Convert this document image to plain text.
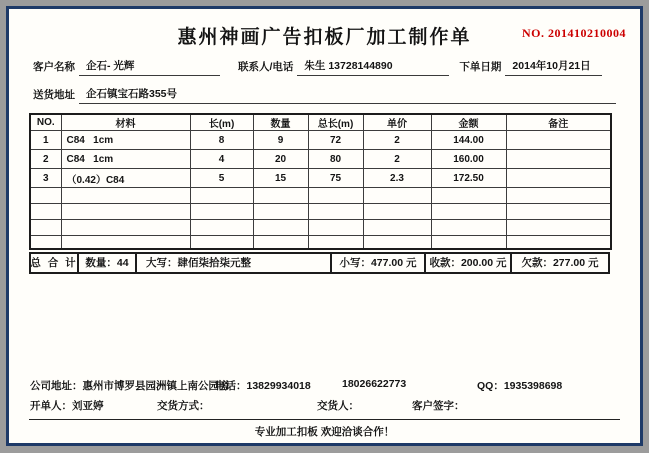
惠州神画广告扣板厂加工制作单	NO. 201410210004
客户名称	企石- 光辉	联系人/电话	朱生 13728144890	下单日期	2014年10月21日
送货地址	企石镇宝石路355号
NO.	材料	长(m)	数量	总长(m)	单价	金额	备注
1	C84   1cm	8	9	72	2	144.00	
2	C84   1cm	4	20	80	2	160.00	
3	（0.42）C84	5	15	75	2.3	172.50	

总 合 计 数量：44	大写：肆佰柒拾柒元整	小写：477.00 元	收款：200.00 元	欠款：277.00 元
公司地址：惠州市博罗县园洲镇上南公园旁
电话：13829934018	18026622773	QQ：1935398698
开单人：刘亚婷	交货方式：	交货人：	客户签字：
专业加工扣板 欢迎洽谈合作！
